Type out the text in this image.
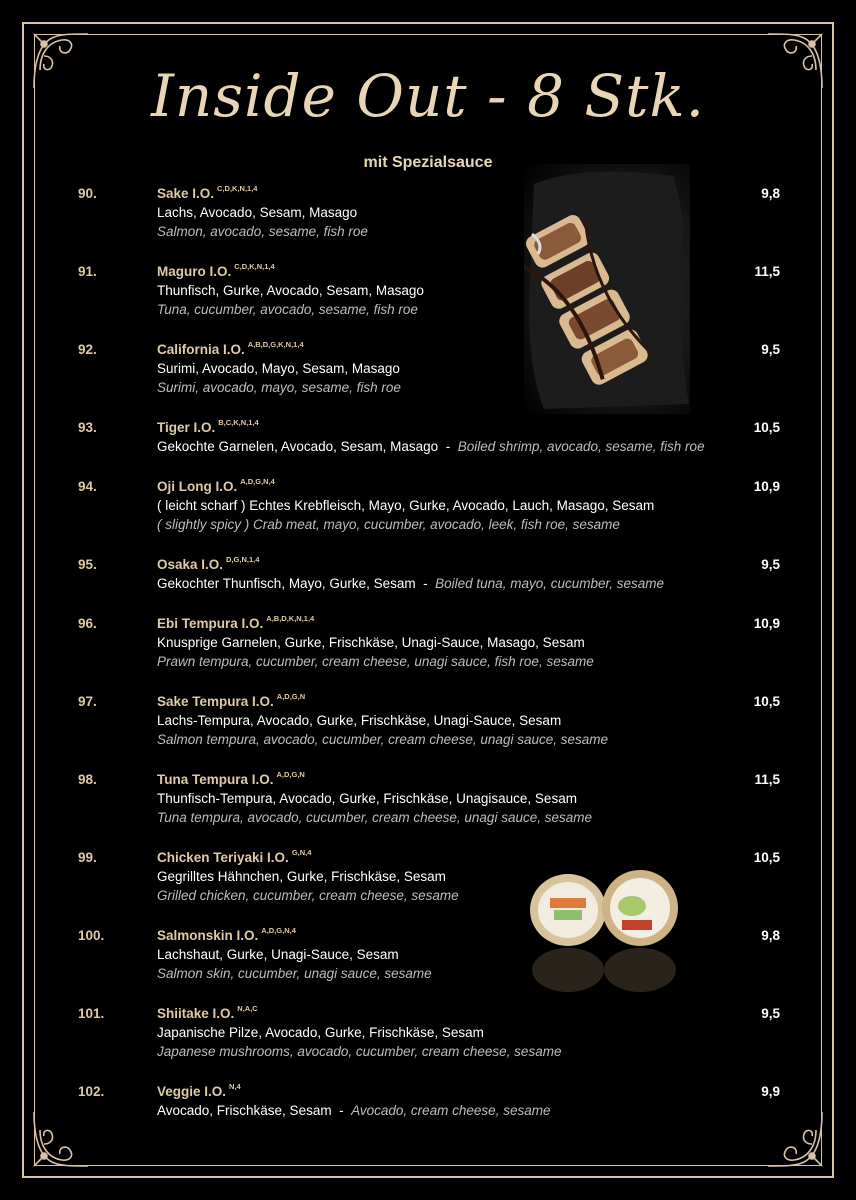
Inside Out - 8 Stk.
mit Spezialsauce
90.	Sake I.O. $^{C,D,K,N,1,4}$	9,8
Lachs, Avocado, Sesam, Masago
Salmon, avocado, sesame, fish roe
91.	Maguro I.O. $^{C,D,K,N,1,4}$	11,5
Thunfisch, Gurke, Avocado, Sesam, Masago
Tuna, cucumber, avocado, sesame, fish roe
92.	California I.O. $^{A,B,D,G,K,N,1,4}$	9,5
Surimi, Avocado, Mayo, Sesam, Masago
Surimi, avocado, mayo, sesame, fish roe
93.	Tiger I.O. $^{B,C,K,N,1,4}$	10,5
Gekochte Garnelen, Avocado, Sesam, Masago - Boiled shrimp, avocado, sesame, fish roe
94.	Oji Long I.O. $^{A,D,G,N,4}$	10,9
( leicht scharf ) Echtes Krebfleisch, Mayo, Gurke, Avocado, Lauch, Masago, Sesam
( slightly spicy ) Crab meat, mayo, cucumber, avocado, leek, fish roe, sesame
95.	Osaka I.O. $^{D,G,N,1,4}$	9,5
Gekochter Thunfisch, Mayo, Gurke, Sesam - Boiled tuna, mayo, cucumber, sesame
96.	Ebi Tempura I.O. $^{A,B,D,K,N,1,4}$	10,9
Knusprige Garnelen, Gurke, Frischkäse, Unagi-Sauce, Masago, Sesam
Prawn tempura, cucumber, cream cheese, unagi sauce, fish roe, sesame
97.	Sake Tempura I.O. $^{A,D,G,N}$	10,5
Lachs-Tempura, Avocado, Gurke, Frischkäse, Unagi-Sauce, Sesam
Salmon tempura, avocado, cucumber, cream cheese, unagi sauce, sesame
98.	Tuna Tempura I.O. $^{A,D,G,N}$	11,5
Thunfisch-Tempura, Avocado, Gurke, Frischkäse, Unagisauce, Sesam
Tuna tempura, avocado, cucumber, cream cheese, unagi sauce, sesame
99.	Chicken Teriyaki I.O. $^{G,N,4}$	10,5
Gegrilltes Hähnchen, Gurke, Frischkäse, Sesam
Grilled chicken, cucumber, cream cheese, sesame
100.	Salmonskin I.O. $^{A,D,G,N,4}$	9,8
Lachshaut, Gurke, Unagi-Sauce, Sesam
Salmon skin, cucumber, unagi sauce, sesame
101.	Shiitake I.O. $^{N,A,C}$	9,5
Japanische Pilze, Avocado, Gurke, Frischkäse, Sesam
Japanese mushrooms, avocado, cucumber, cream cheese, sesame
102.	Veggie I.O. $^{N,4}$	9,9
Avocado, Frischkäse, Sesam - Avocado, cream cheese, sesame
